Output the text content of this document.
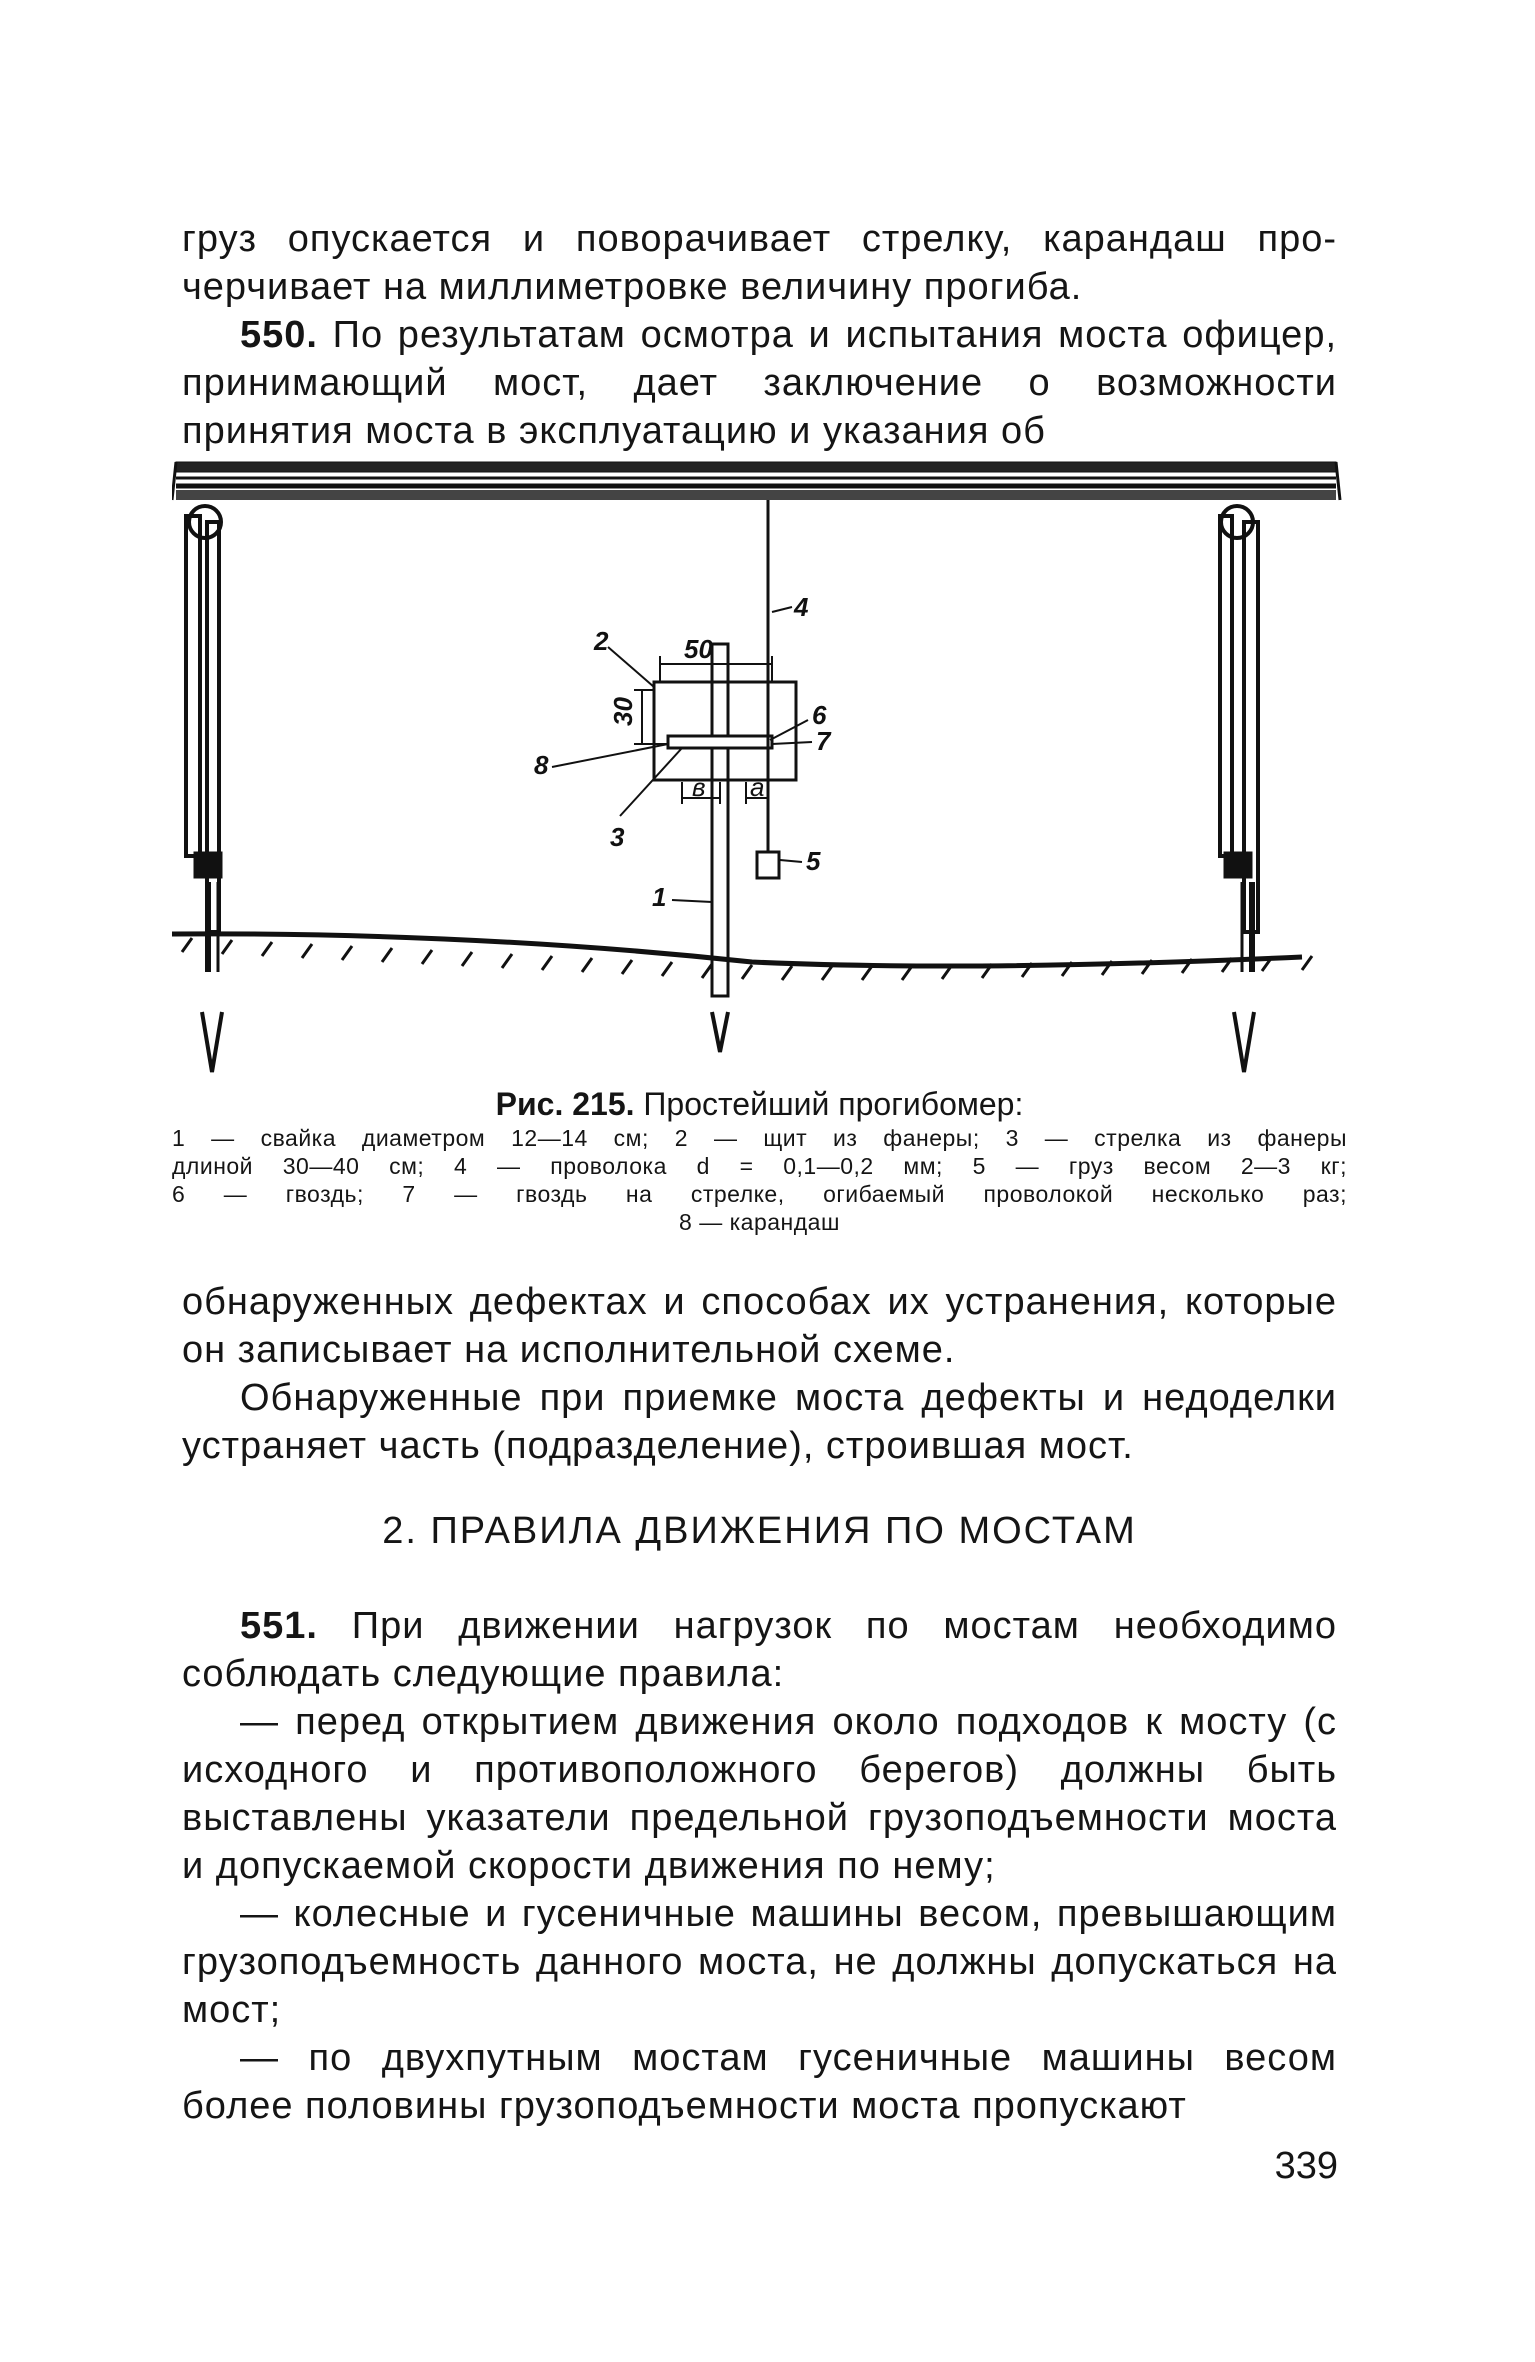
груз опускается и поворачивает стрелку, карандаш про-

черчивает на миллиметровке величину прогиба.

550. По результатам осмотра и испытания моста офицер, принимающий мост, дает заключение о возможности принятия моста в эксплуатацию и указания об

50
30
в а
1
2
3
4
5
6
7
8
Рис. 215. Простейший прогибомер:
1 — свайка диаметром 12—14 см; 2 — щит из фанеры; 3 — стрелка из фанеры
длиной 30—40 см; 4 — проволока d = 0,1—0,2 мм; 5 — груз весом 2—3 кг;
6 — гвоздь; 7 — гвоздь на стрелке, огибаемый проволокой несколько раз;
8 — карандаш

обнаруженных дефектах и способах их устранения, которые он записывает на исполнительной схеме.

Обнаруженные при приемке моста дефекты и недоделки устраняет часть (подразделение), строившая мост.

2. ПРАВИЛА ДВИЖЕНИЯ ПО МОСТАМ

551. При движении нагрузок по мостам необходимо соблюдать следующие правила:

— перед открытием движения около подходов к мосту (с исходного и противоположного берегов) должны быть выставлены указатели предельной грузоподъемности моста и допускаемой скорости движения по нему;

— колесные и гусеничные машины весом, превышающим грузоподъемность данного моста, не должны допускаться на мост;

— по двухпутным мостам гусеничные машины весом более половины грузоподъемности моста пропускают

339
